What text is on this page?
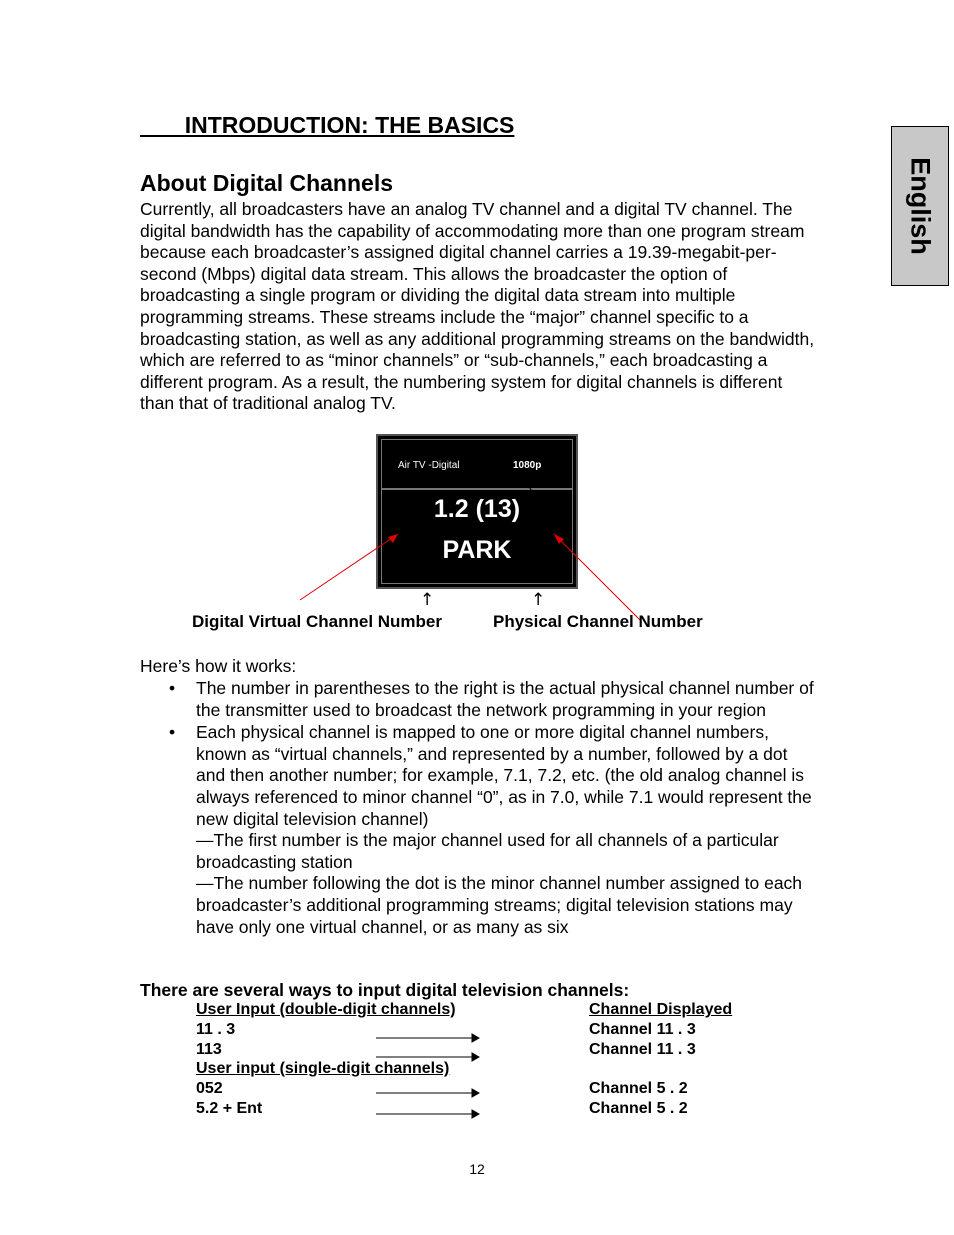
English
INTRODUCTION: THE BASICS
About Digital Channels
Currently, all broadcasters have an analog TV channel and a digital TV channel. The digital bandwidth has the capability of accommodating more than one program stream because each broadcaster’s assigned digital channel carries a 19.39-megabit-per-second (Mbps) digital data stream. This allows the broadcaster the option of broadcasting a single program or dividing the digital data stream into multiple programming streams. These streams include the “major” channel specific to a broadcasting station, as well as any additional programming streams on the bandwidth, which are referred to as “minor channels” or “sub-channels,” each broadcasting a different program. As a result, the numbering system for digital channels is different than that of traditional analog TV.
Air TV -Digital	1080p
1.2 (13)
PARK
↑	↑
Digital Virtual Channel Number	Physical Channel Number
Here’s how it works:
• The number in parentheses to the right is the actual physical channel number of the transmitter used to broadcast the network programming in your region
• Each physical channel is mapped to one or more digital channel numbers, known as “virtual channels,” and represented by a number, followed by a dot and then another number; for example, 7.1, 7.2, etc. (the old analog channel is always referenced to minor channel “0”, as in 7.0, while 7.1 would represent the new digital television channel)
—The first number is the major channel used for all channels of a particular broadcasting station
—The number following the dot is the minor channel number assigned to each broadcaster’s additional programming streams; digital television stations may have only one virtual channel, or as many as six
There are several ways to input digital television channels:
User Input (double-digit channels)	Channel Displayed
11 . 3	Channel 11 . 3
113	Channel 11 . 3
User input (single-digit channels)
052	Channel 5 . 2
5.2 + Ent	Channel 5 . 2
12
